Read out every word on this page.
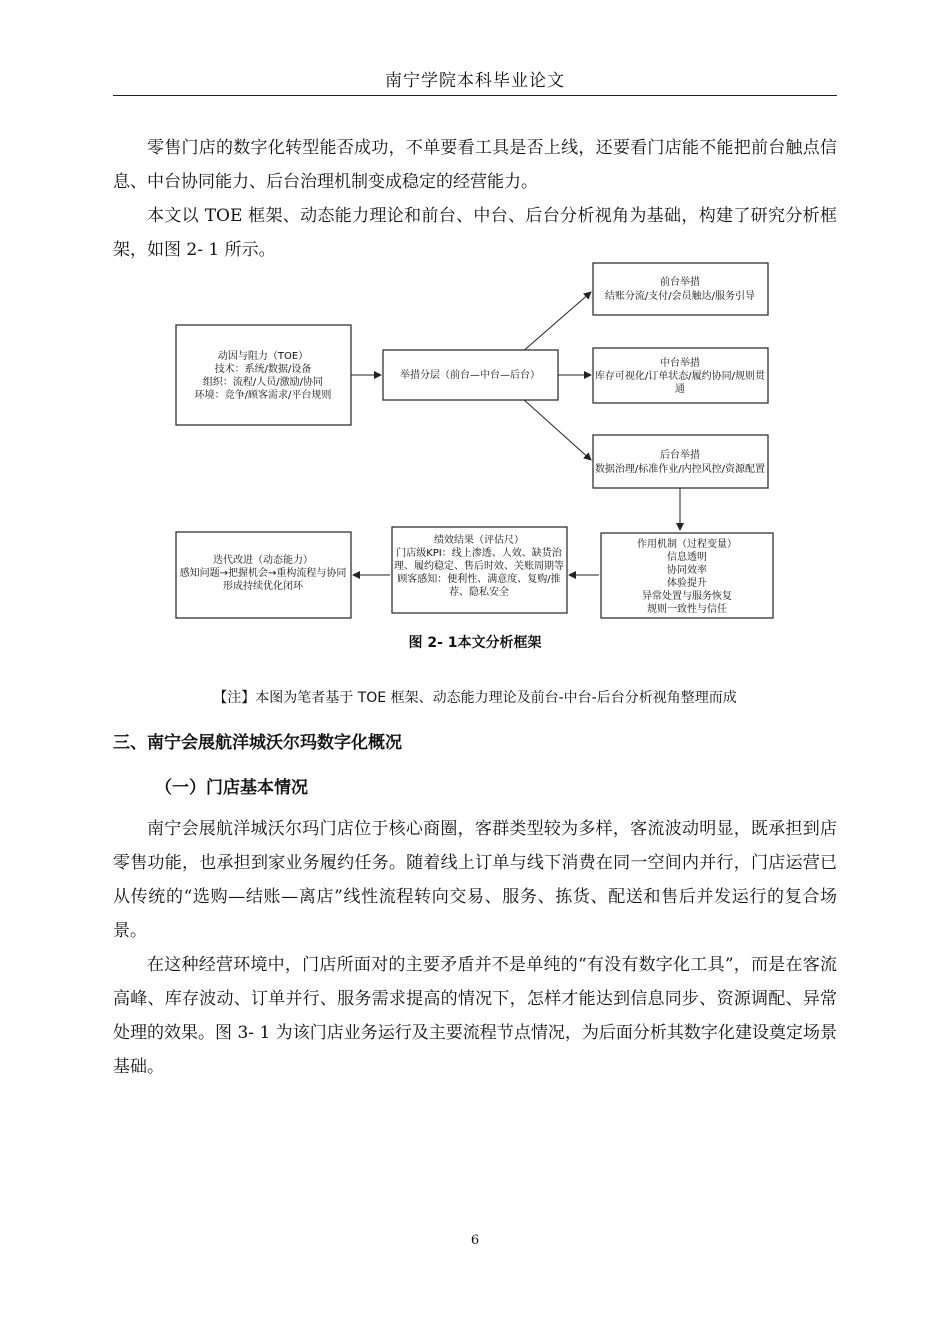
南宁学院本科毕业论文

零售门店的数字化转型能否成功，不单要看工具是否上线，还要看门店能不能把前台触点信息、中台协同能力、后台治理机制变成稳定的经营能力。

本文以 TOE 框架、动态能力理论和前台、中台、后台分析视角为基础，构建了研究分析框架，如图 2- 1 所示。

动因与阻力（TOE）
技术：系统/数据/设备
组织：流程/人员/激励/协同
环境：竞争/顾客需求/平台规则
举措分层（前台—中台—后台）
前台举措
结账分流/支付/会员触达/服务引导
中台举措
库存可视化/订单状态/履约协同/规则贯
通
后台举措
数据治理/标准作业/内控风控/资源配置
作用机制（过程变量）
信息透明
协同效率
体验提升
异常处置与服务恢复
规则一致性与信任
绩效结果（评估尺）
门店级KPI：线上渗透、人效、缺货治
理、履约稳定、售后时效、关账周期等
顾客感知：便利性、满意度、复购/推
荐、隐私安全
迭代改进（动态能力）
感知问题→把握机会→重构流程与协同
形成持续优化闭环
图 2- 1本文分析框架
【注】本图为笔者基于 TOE 框架、动态能力理论及前台-中台-后台分析视角整理而成
三、南宁会展航洋城沃尔玛数字化概况
（一）门店基本情况

南宁会展航洋城沃尔玛门店位于核心商圈，客群类型较为多样，客流波动明显，既承担到店零售功能，也承担到家业务履约任务。随着线上订单与线下消费在同一空间内并行，门店运营已从传统的“选购—结账—离店”线性流程转向交易、服务、拣货、配送和售后并发运行的复合场景。

在这种经营环境中，门店所面对的主要矛盾并不是单纯的“有没有数字化工具”，而是在客流高峰、库存波动、订单并行、服务需求提高的情况下，怎样才能达到信息同步、资源调配、异常处理的效果。图 3- 1 为该门店业务运行及主要流程节点情况，为后面分析其数字化建设奠定场景基础。

6
